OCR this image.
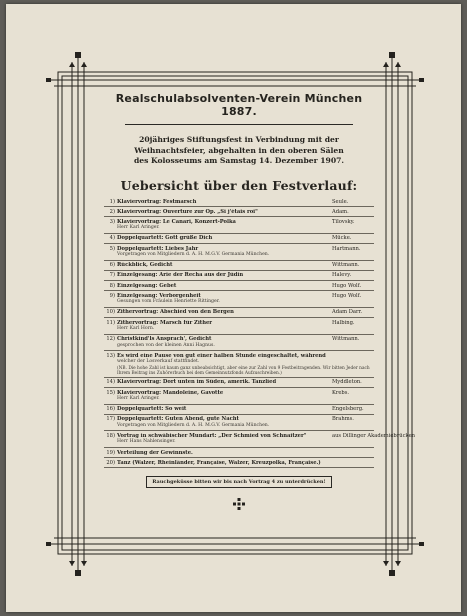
Realschulabsolventen-Verein München 1887.
20jähriges Stiftungsfest in Verbindung mit der
Weihnachtsfeier, abgehalten in den oberen Sälen
des Kolosseums am Samstag 14. Dezember 1907.
Uebersicht über den Festverlauf:
1) Klaviervortrag: Festmarsch	Seule.
2) Klaviervortrag: Ouverture zur Op. „Si j'étais roi"	Adam.
3) Klaviervortrag: Le Canari, Konzert-Polka	Tilovsky.
Herr Karl Aringer.
4) Doppelquartett: Gott grüße Dich	Mücke.
5) Doppelquartett: Liebes Jahr	Hartmann.
Vorgetragen von Mitgliedern d. A. H. M.G.V. Germania München.
6) Rückblick, Gedicht	Wittmann.
7) Einzelgesang: Arie der Recha aus der Jüdin	Halevy.
8) Einzelgesang: Gebet	Hugo Wolf.
9) Einzelgesang: Verborgenheit	Hugo Wolf.
Gesungen vom Fräulein Henriette Rittinger.
10) Zithervortrag: Abschied von den Bergen	Adam Darr.
11) Zithervortrag: Marsch für Zither	Halbing.
Herr Karl Horn.
12) Christkind'ls Ansprach', Gedicht	Wittmann.
gesprochen von der kleinen Anni Hagnus.
13) Es wird eine Pause von gut einer halben Stunde eingeschaltet, während
welcher der Losverkauf stattfindet.
(NB. Die hohe Zahl ist kaum ganz unbeabsichtigt, aber eine zur Zahl von 9 Festbeitragenden. Wir bitten Jeder nach Ihrem Beitrag ins Zuhörerbuch bei dem Gemeinnutzfonds Aufzuschreiben.)
14) Klaviervortrag: Dort unten im Süden, amerik. Tanzlied	Myddleton.
15) Klaviervortrag: Mandoleine, Gavotte	Krebs.
Herr Karl Aringer.
16) Doppelquartett: So weit	Engelsberg.
17) Doppelquartett: Guten Abend, gute Nacht	Brahms.
Vorgetragen von Mitgliedern d. A. H. M.G.V. Germania München.
18) Vortrag in schwäbischer Mundart: „Der Schmied von Schnaitzer"	aus Dillinger Akademiebrücken
Herr Hans Nahlensinger.
19) Verteilung der Gewinnste.
20) Tanz (Walzer, Rheinländer, Française, Walzer, Kreuzpolka, Française.)
Rauchgeküsse bitten wir bis nach Vortrag 4 zu unterdrücken!
